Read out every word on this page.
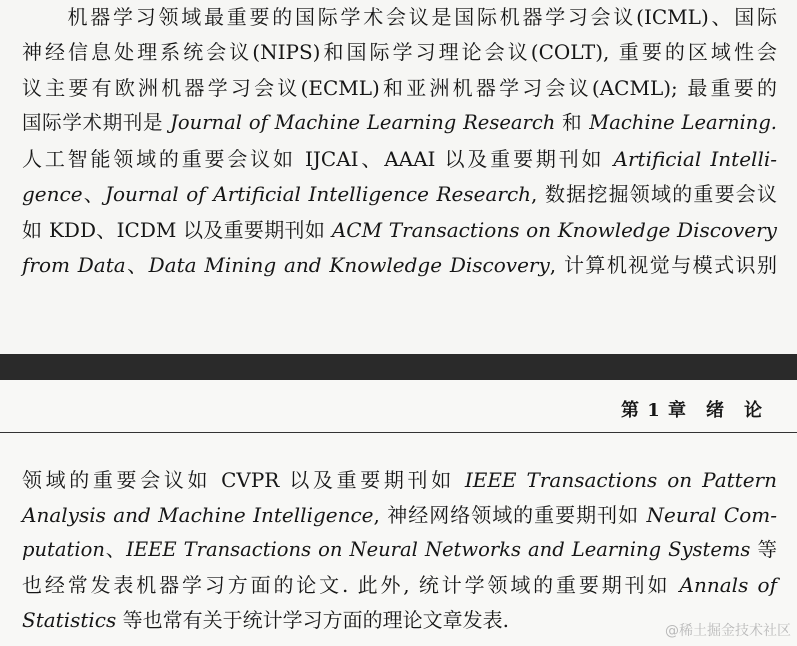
　　机器学习领域最重要的国际学术会议是国际机器学习会议(ICML)、国际
神经信息处理系统会议(NIPS)和国际学习理论会议(COLT), 重要的区域性会
议主要有欧洲机器学习会议(ECML)和亚洲机器学习会议(ACML); 最重要的
国际学术期刊是 Journal of Machine Learning Research 和 Machine Learning.
人工智能领域的重要会议如 IJCAI、AAAI 以及重要期刊如 Artificial Intelli-
gence、Journal of Artificial Intelligence Research, 数据挖掘领域的重要会议
如 KDD、ICDM 以及重要期刊如 ACM Transactions on Knowledge Discovery
from Data、Data Mining and Knowledge Discovery, 计算机视觉与模式识别
第 1 章　绪　论
领域的重要会议如 CVPR 以及重要期刊如 IEEE Transactions on Pattern
Analysis and Machine Intelligence, 神经网络领域的重要期刊如 Neural Com-
putation、IEEE Transactions on Neural Networks and Learning Systems 等
也经常发表机器学习方面的论文. 此外, 统计学领域的重要期刊如 Annals of
Statistics 等也常有关于统计学习方面的理论文章发表.	@稀土掘金技术社区
